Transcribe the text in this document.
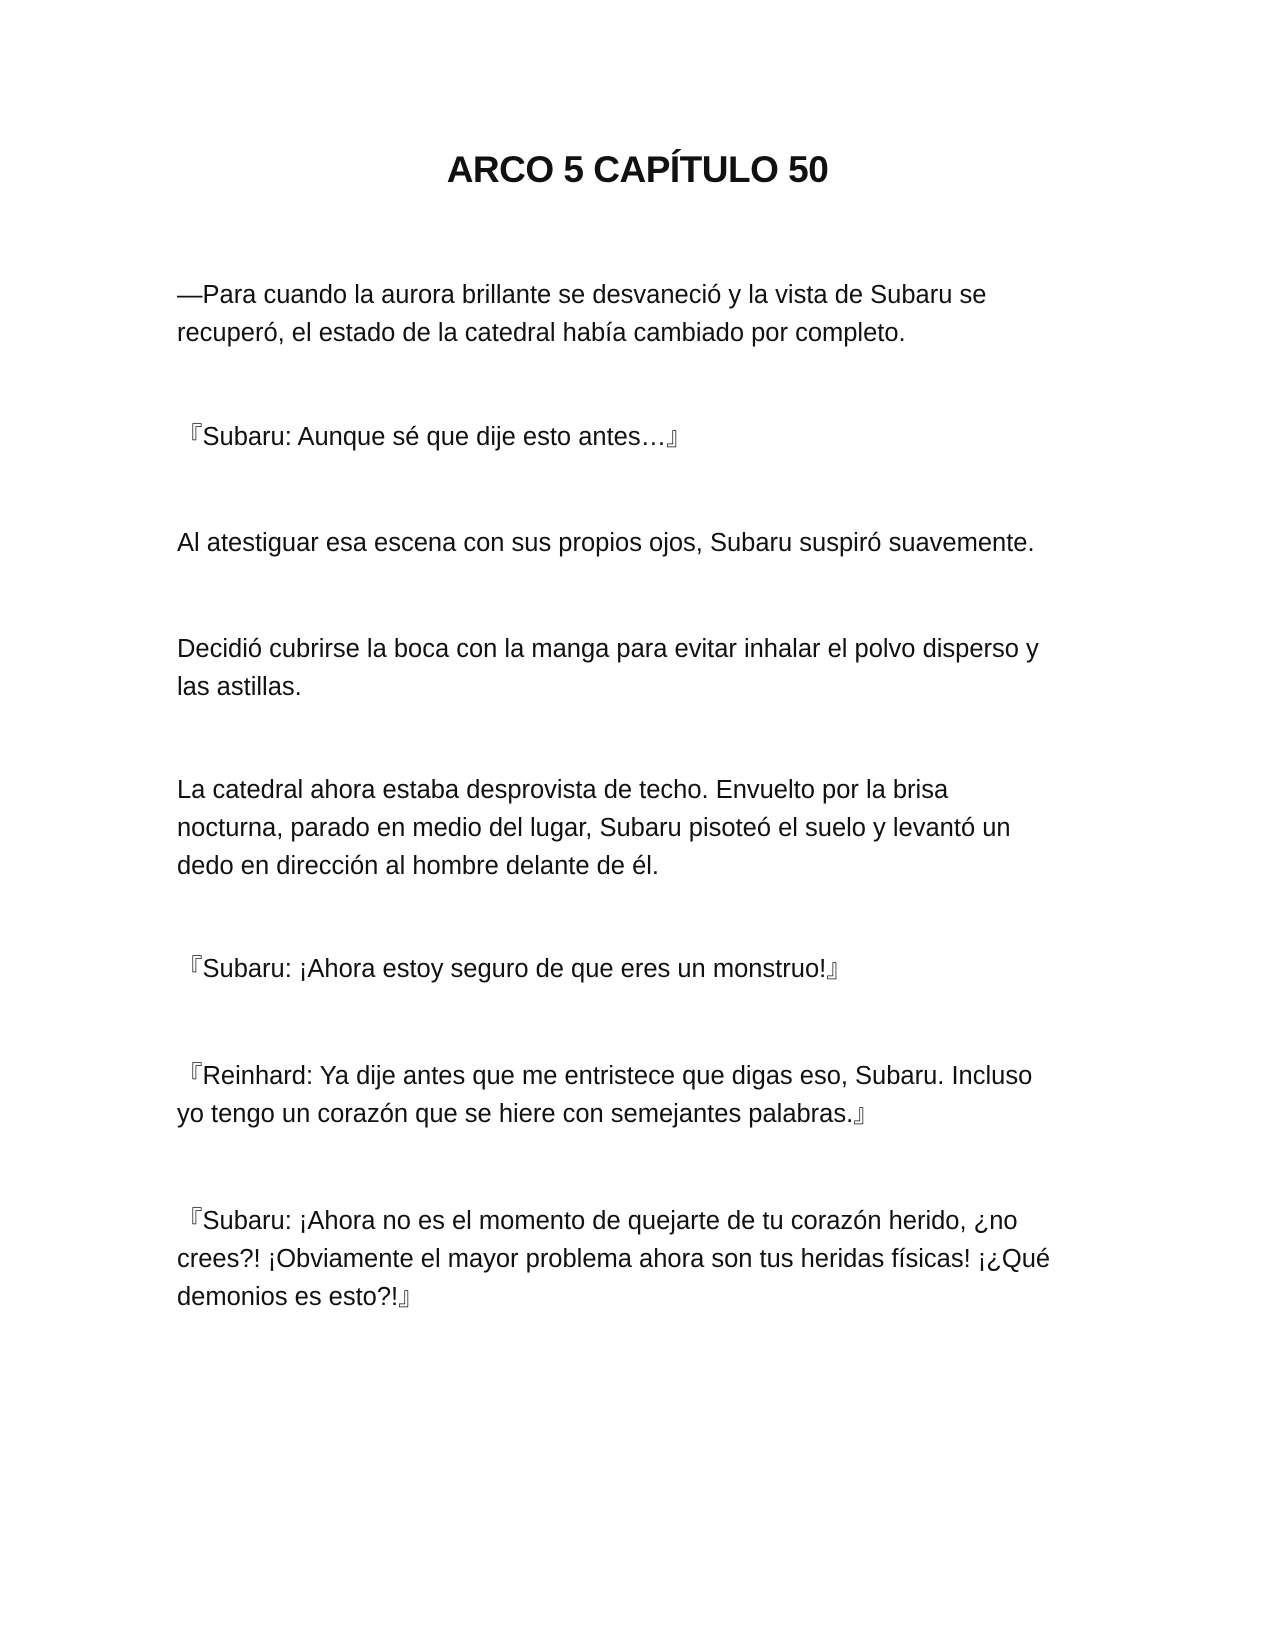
ARCO 5 CAPÍTULO 50

—Para cuando la aurora brillante se desvaneció y la vista de Subaru se
recuperó, el estado de la catedral había cambiado por completo.

『Subaru: Aunque sé que dije esto antes…』

Al atestiguar esa escena con sus propios ojos, Subaru suspiró suavemente.

Decidió cubrirse la boca con la manga para evitar inhalar el polvo disperso y
las astillas.

La catedral ahora estaba desprovista de techo. Envuelto por la brisa
nocturna, parado en medio del lugar, Subaru pisoteó el suelo y levantó un
dedo en dirección al hombre delante de él.

『Subaru: ¡Ahora estoy seguro de que eres un monstruo!』

『Reinhard: Ya dije antes que me entristece que digas eso, Subaru. Incluso
yo tengo un corazón que se hiere con semejantes palabras.』

『Subaru: ¡Ahora no es el momento de quejarte de tu corazón herido, ¿no
crees?! ¡Obviamente el mayor problema ahora son tus heridas físicas! ¡¿Qué
demonios es esto?!』
